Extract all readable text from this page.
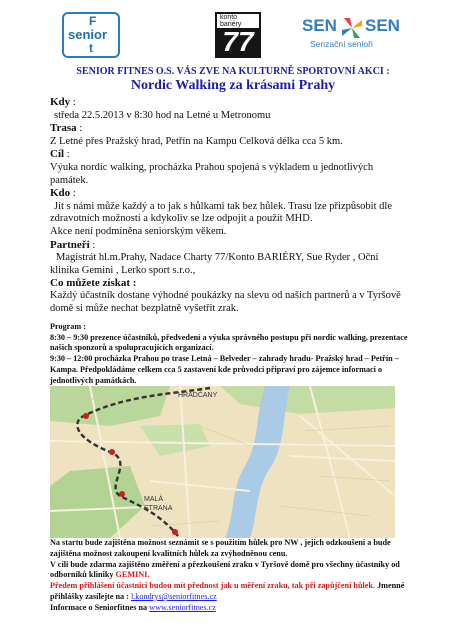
F
senior
t
konto
bariéry
77
SEN SEN
Senzační senioři
SENIOR FITNES O.S. VÁS ZVE NA KULTURNĚ SPORTOVNÍ AKCI :
Nordic Walking za krásami Prahy
Kdy :
středa 22.5.2013 v 8:30 hod na Letné u Metronomu
Trasa :
Z Letné přes Pražský hrad, Petřín na Kampu Celková délka cca 5 km.
Cíl :
Výuka nordic walking, procházka Prahou spojená s výkladem u jednotlivých památek.
Kdo :
Jít s námi může každý a to jak s hůlkami tak bez hůlek. Trasu lze přizpůsobit dle zdravotních možností a kdykoliv se lze odpojit a použít MHD.
Akce není podmíněna seniorským věkem.
Partneři :
Magistrát hl.m.Prahy, Nadace Charty 77/Konto BARIÉRY, Sue Ryder , Oční klinika Gemini , Lerko sport s.r.o.,
Co můžete získat :
Každý účastník dostane výhodné poukázky na slevu od našich partnerů a v Tyršově domě si může nechat bezplatně vyšetřit zrak.
Program :
8:30 – 9:30 prezence účastníků, předvedení a výuka správného postupu při nordic walking, prezentace našich sponzorů a spolupracujících organizací.
9:30 – 12:00 procházka Prahou po trase Letná – Belveder – zahrady hradu- Pražský hrad – Petřín – Kampa. Předpokládáme celkem cca 5 zastavení kde průvodci připraví pro zájemce informaci o jednotlivých památkách.
HRADČANY
MALÁ
STRANA
Na startu bude zajištěna možnost seznámit se s použitím hůlek pro NW , jejich odzkoušení a bude zajištěna možnost zakoupení kvalitních hůlek za zvýhodněnou cenu.
V cíli bude zdarma zajištěno změření a přezkoušení zraku v Tyršově domě pro všechny účastníky od odborníků kliniky GEMINI.
Předem přihlášení účastníci budou mít přednost jak u měření zraku, tak při zapůjčení hůlek. Jmenné přihlášky zasílejte na : l.kondrys@seniorfitnes.cz
Informace o Seniorfitnes na www.seniorfitnes.cz
